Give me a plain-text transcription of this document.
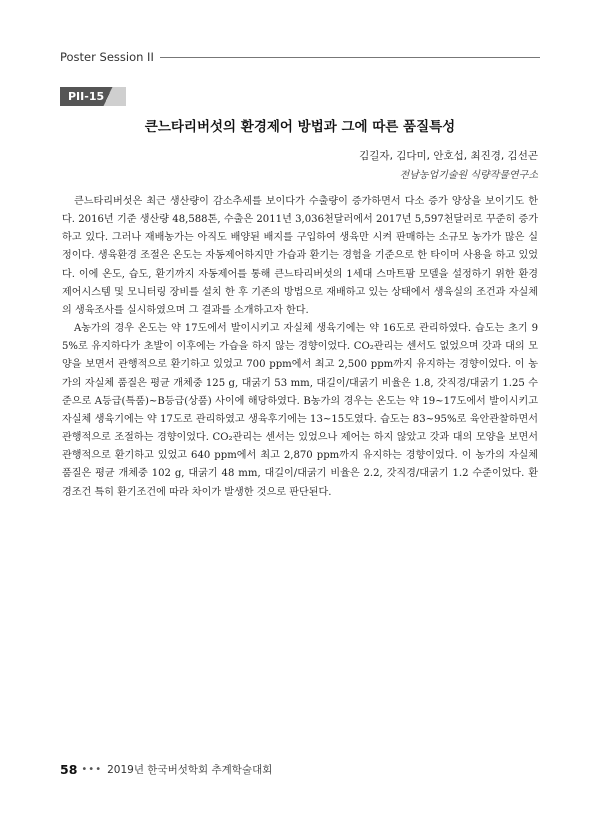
Poster Session II
PII-15
큰느타리버섯의 환경제어 방법과 그에 따른 품질특성
김길자, 김다미, 안호섭, 최진경, 김선곤
전남농업기술원 식량작물연구소

큰느타리버섯은 최근 생산량이 감소추세를 보이다가 수출량이 증가하면서 다소 증가 양상을 보이기도 한다. 2016년 기준 생산량 48,588톤, 수출은 2011년 3,036천달러에서 2017년 5,597천달러로 꾸준히 증가하고 있다. 그러나 재배농가는 아직도 배양된 배지를 구입하여 생육만 시켜 판매하는 소규모 농가가 많은 실정이다. 생육환경 조절은 온도는 자동제어하지만 가습과 환기는 경험을 기준으로 한 타이머 사용을 하고 있었다. 이에 온도, 습도, 환기까지 자동제어를 통해 큰느타리버섯의 1세대 스마트팜 모델을 설정하기 위한 환경제어시스템 및 모니터링 장비를 설치 한 후 기존의 방법으로 재배하고 있는 상태에서 생육실의 조건과 자실체의 생육조사를 실시하였으며 그 결과를 소개하고자 한다.

A농가의 경우 온도는 약 17도에서 발이시키고 자실체 생육기에는 약 16도로 관리하였다. 습도는 초기 95%로 유지하다가 초발이 이후에는 가습을 하지 않는 경향이었다. CO₂관리는 센서도 없었으며 갓과 대의 모양을 보면서 관행적으로 환기하고 있었고 700 ppm에서 최고 2,500 ppm까지 유지하는 경향이었다. 이 농가의 자실체 품질은 평균 개체중 125 g, 대굵기 53 mm, 대길이/대굵기 비율은 1.8, 갓직경/대굵기 1.25 수준으로 A등급(특품)~B등급(상품) 사이에 해당하였다. B농가의 경우는 온도는 약 19~17도에서 발이시키고 자실체 생육기에는 약 17도로 관리하였고 생육후기에는 13~15도였다. 습도는 83~95%로 육안관찰하면서 관행적으로 조절하는 경향이었다. CO₂관리는 센서는 있었으나 제어는 하지 않았고 갓과 대의 모양을 보면서 관행적으로 환기하고 있었고 640 ppm에서 최고 2,870 ppm까지 유지하는 경향이었다. 이 농가의 자실체 품질은 평균 개체중 102 g, 대굵기 48 mm, 대길이/대굵기 비율은 2.2, 갓직경/대굵기 1.2 수준이었다. 환경조건 특히 환기조건에 따라 차이가 발생한 것으로 판단된다.

58 ••• 2019년 한국버섯학회 추계학술대회
